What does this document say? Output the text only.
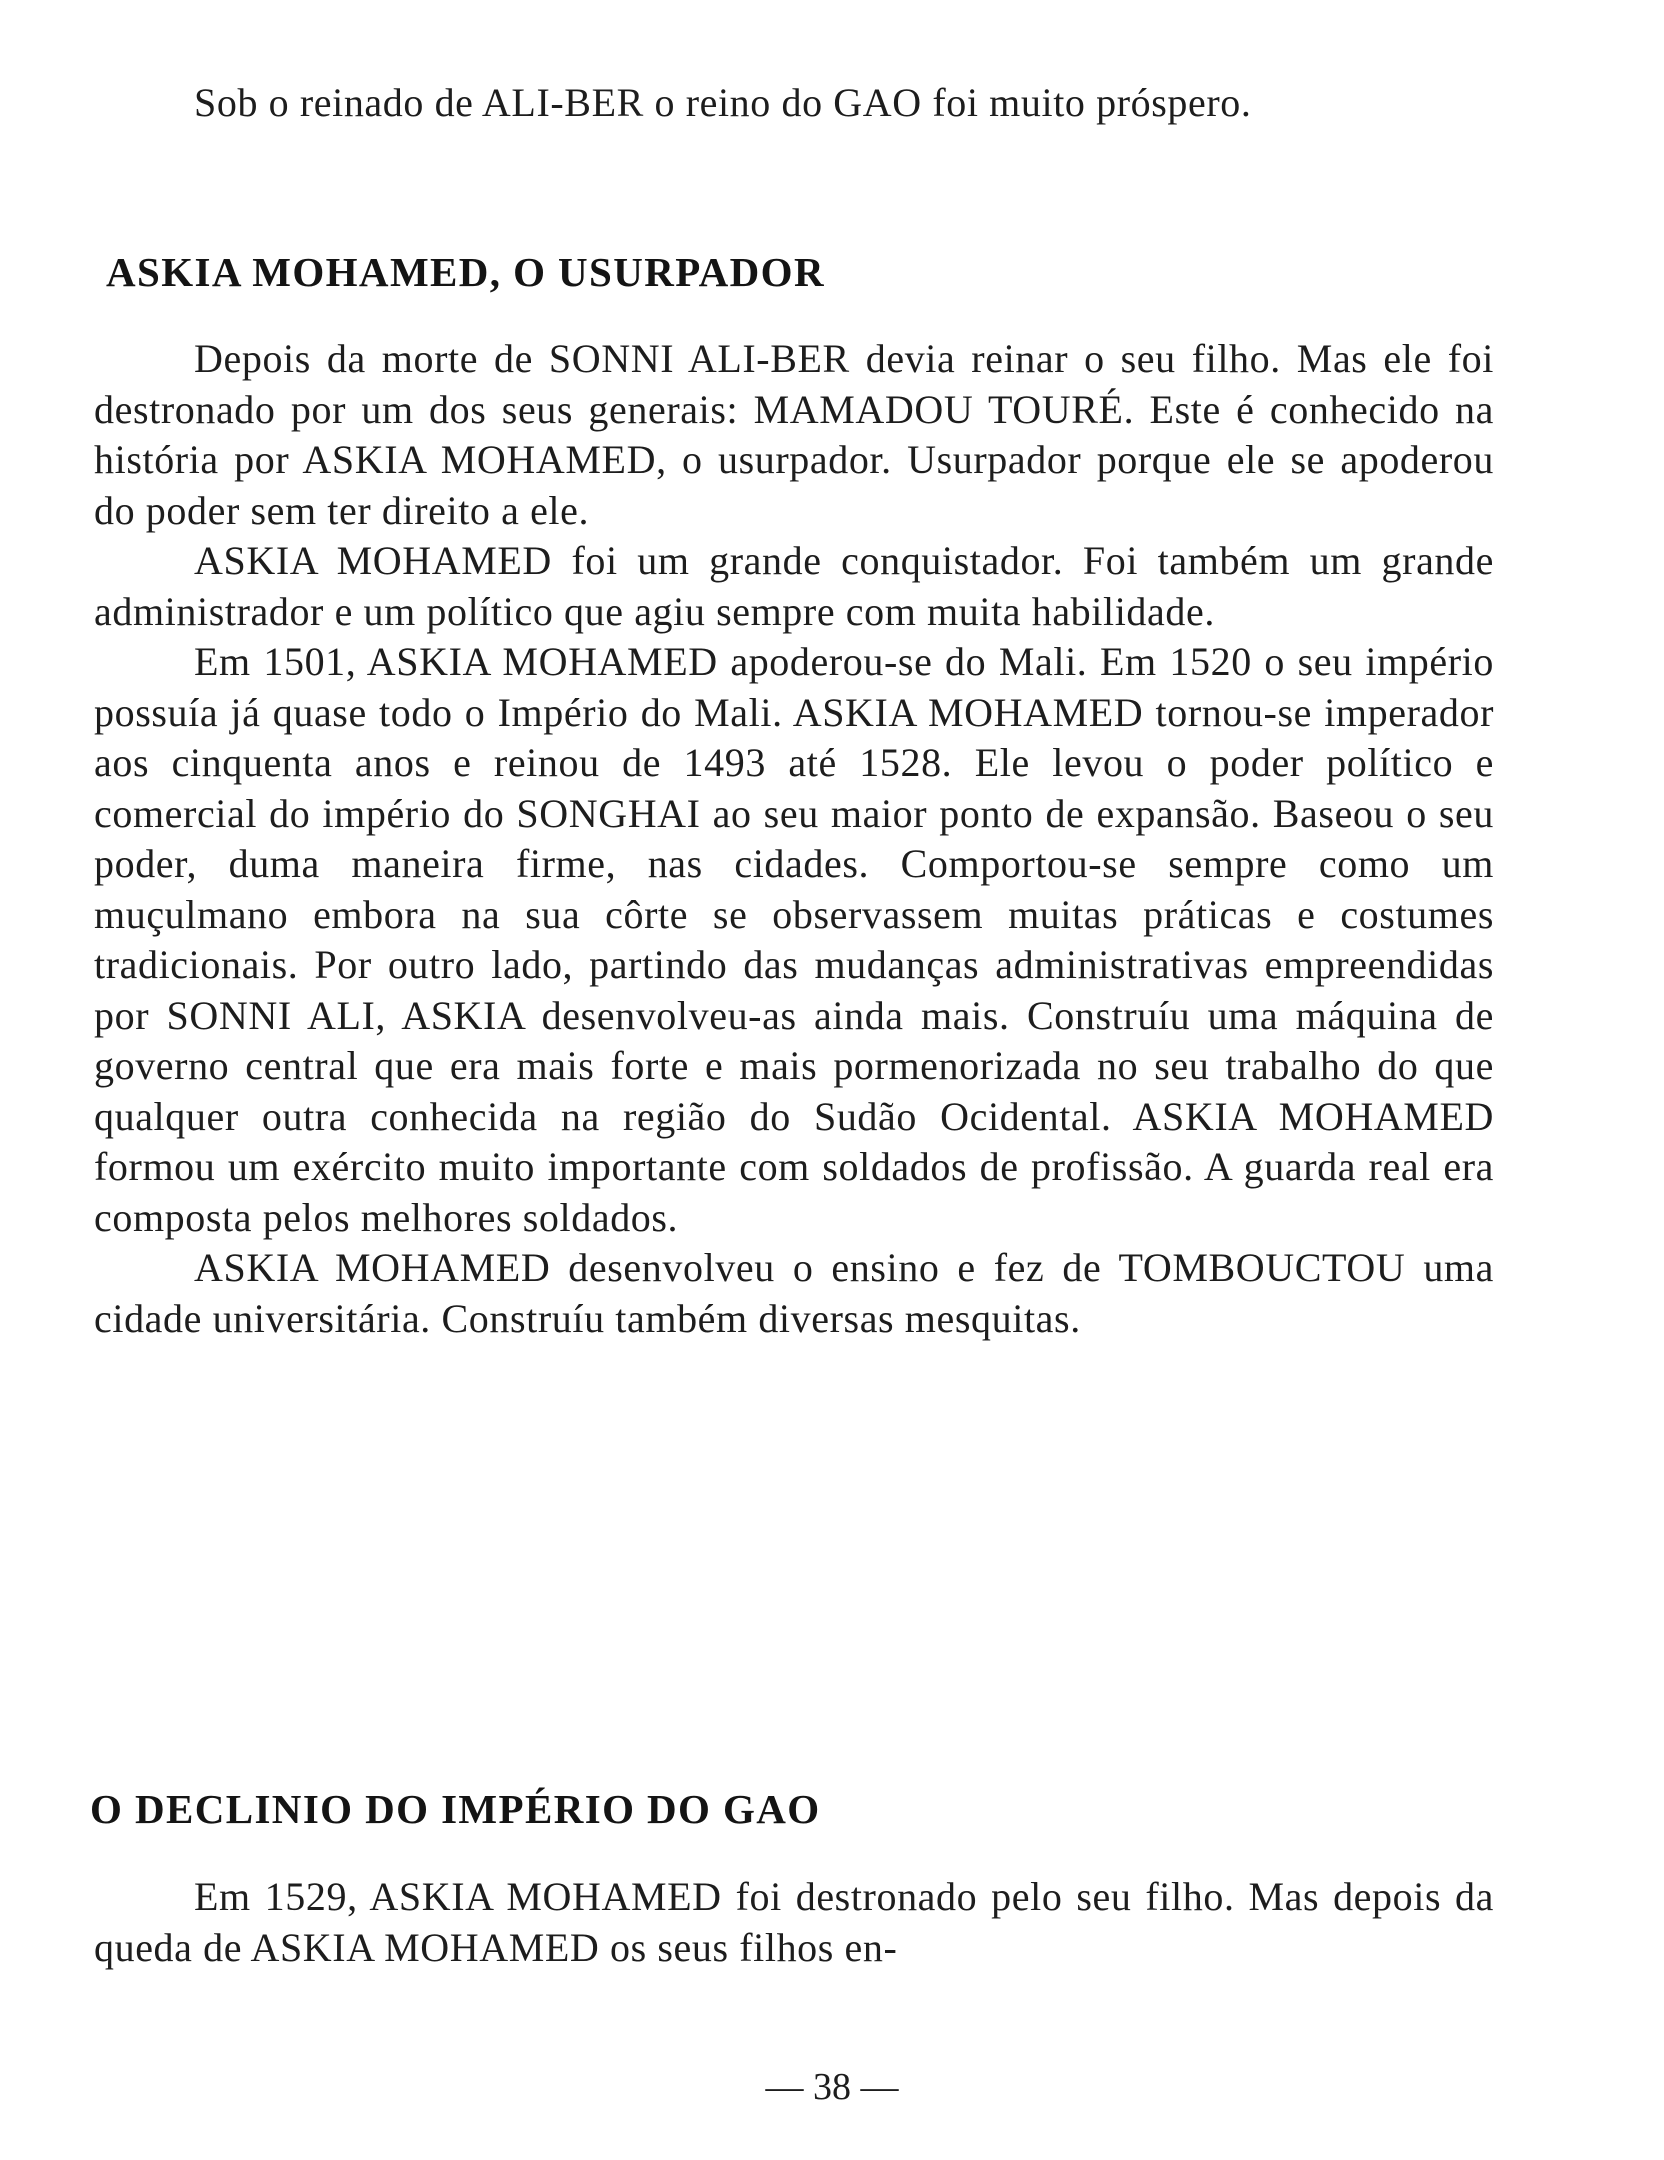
Sob o reinado de ALI-BER o reino do GAO foi muito próspero.

ASKIA MOHAMED, O USURPADOR

Depois da morte de SONNI ALI-BER devia reinar o seu filho. Mas ele foi destronado por um dos seus generais: MAMADOU TOURÉ. Este é conhecido na história por ASKIA MOHAMED, o usurpador. Usurpador porque ele se apoderou do poder sem ter direito a ele.

ASKIA MOHAMED foi um grande conquistador. Foi também um grande administrador e um político que agiu sempre com muita habilidade.

Em 1501, ASKIA MOHAMED apoderou-se do Mali. Em 1520 o seu império possuía já quase todo o Império do Mali. ASKIA MOHAMED tornou-se imperador aos cinquenta anos e reinou de 1493 até 1528. Ele levou o poder político e comercial do império do SONGHAI ao seu maior ponto de expansão. Baseou o seu poder, duma maneira firme, nas cidades. Comportou-se sempre como um muçulmano embora na sua côrte se observassem muitas práticas e costumes tradicionais. Por outro lado, partindo das mudanças administrativas empreendidas por SONNI ALI, ASKIA desenvolveu-as ainda mais. Construíu uma máquina de governo central que era mais forte e mais pormenorizada no seu trabalho do que qualquer outra conhecida na região do Sudão Ocidental. ASKIA MOHAMED formou um exército muito importante com soldados de profissão. A guarda real era composta pelos melhores soldados.

ASKIA MOHAMED desenvolveu o ensino e fez de TOMBOUCTOU uma cidade universitária. Construíu também diversas mesquitas.

O DECLINIO DO IMPÉRIO DO GAO

Em 1529, ASKIA MOHAMED foi destronado pelo seu filho. Mas depois da queda de ASKIA MOHAMED os seus filhos en-

— 38 —
